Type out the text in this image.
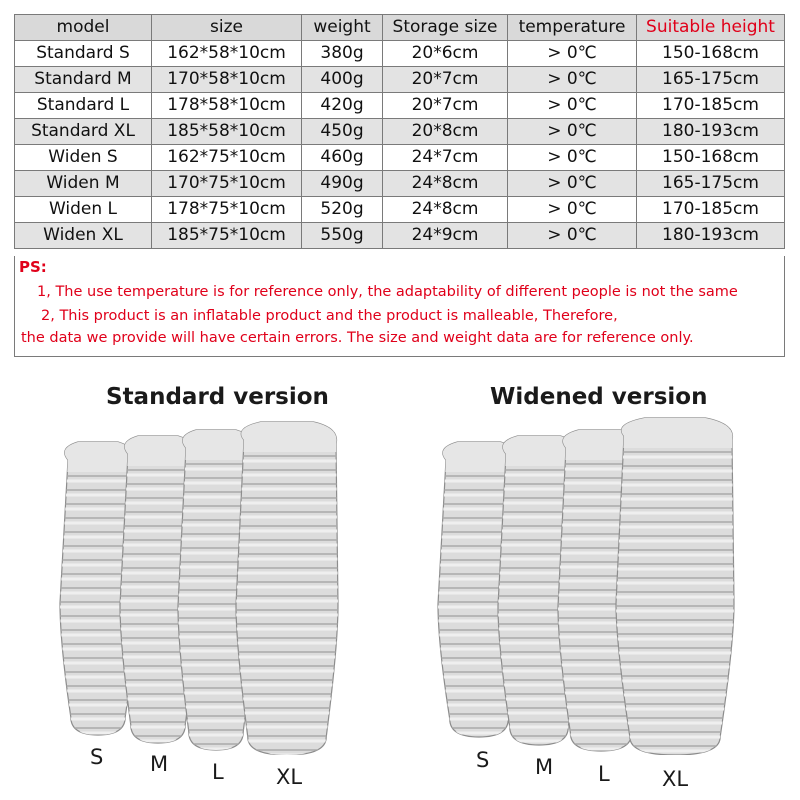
model	size	weight	Storage size	temperature	Suitable height
Standard S	162*58*10cm	380g	20*6cm	> 0℃	150-168cm
Standard M	170*58*10cm	400g	20*7cm	> 0℃	165-175cm
Standard L	178*58*10cm	420g	20*7cm	> 0℃	170-185cm
Standard XL	185*58*10cm	450g	20*8cm	> 0℃	180-193cm
Widen S	162*75*10cm	460g	24*7cm	> 0℃	150-168cm
Widen M	170*75*10cm	490g	24*8cm	> 0℃	165-175cm
Widen L	178*75*10cm	520g	24*8cm	> 0℃	170-185cm
Widen XL	185*75*10cm	550g	24*9cm	> 0℃	180-193cm
PS:
1, The use temperature is for reference only, the adaptability of different people is not the same
2, This product is an inflatable product and the product is malleable, Therefore,
the data we provide will have certain errors. The size and weight data are for reference only.
Standard version	Widened version
S M L XL
S M L XL
